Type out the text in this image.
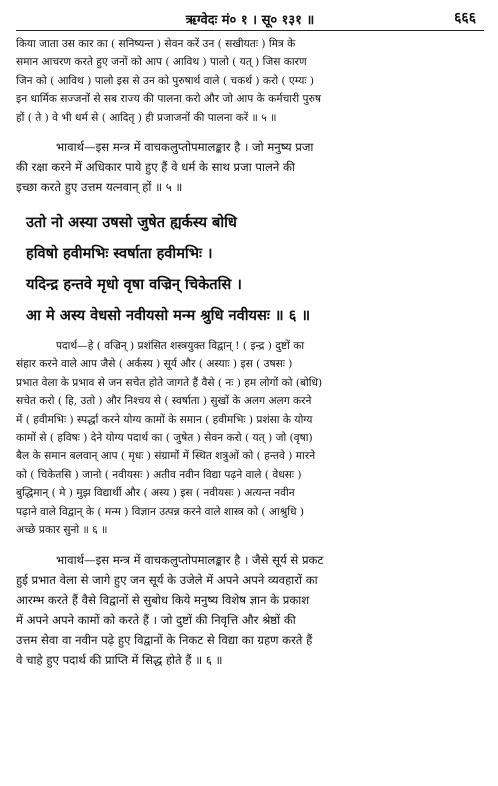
ऋग्वेदः मं० १ । सू० १३१ ॥	६६६

किया जाता उस कार का ( सनिष्यन्त ) सेवन करें उन ( सखीयतः ) मित्र के

समान आचरण करते हुए जनों को आप ( आविथ ) पालो ( यत् ) जिस कारण

जिन को ( आविथ ) पालो इस से उन को पुरुषार्थ वाले ( चकर्थ ) करो ( एम्यः )

इन धार्मिक सज्जनों से सब राज्य की पालना करो और जो आप के कर्मचारी पुरुष

हों ( ते ) वे भी धर्म से ( आदितृ ) ही प्रजाजनों की पालना करें ॥ ५ ॥

भावार्थ—इस मन्त्र में वाचकलुप्तोपमालङ्कार है । जो मनुष्य प्रजा

की रक्षा करने में अधिकार पाये हुए हैं वे धर्म के साथ प्रजा पालने की

इच्छा करते हुए उत्तम यत्नवान् हों ॥ ५ ॥

उतो नो अस्या उषसो जुषेत ह्यर्कस्य बोधि
हविषो हवीमभिः स्वर्षाता हवीमभिः ।
यदिन्द्र हन्तवे मृधो वृषा वज्रिन् चिकेतसि ।
आ मे अस्य वेधसो नवीयसो मन्म श्रुधि नवीयसः ॥ ६ ॥

पदार्थ—हे ( वज्रिन् ) प्रशंसित शस्त्रयुक्त विद्वान् ! ( इन्द्र ) दुष्टों का

संहार करने वाले आप जैसे ( अर्कस्य ) सूर्य और ( अस्याः ) इस ( उषसः )

प्रभात वेला के प्रभाव से जन सचेत होते जागते हैं वैसे ( नः ) हम लोगों को (बोधि)

सचेत करो ( हि, उतो ) और निश्चय से ( स्वर्षाता ) सुखों के अलग अलग करने

में ( हवीमभिः ) स्पर्द्धा करने योग्य कामों के समान ( हवीमभिः ) प्रशंसा के योग्य

कामों से ( हविषः ) देने योग्य पदार्थ का ( जुषेत ) सेवन करो ( यत् ) जो (वृषा)

बैल के समान बलवान् आप ( मृधः ) संग्रामों में स्थित शत्रुओं को ( हन्तवे ) मारने

को ( चिकेतसि ) जानो ( नवीयसः ) अतीव नवीन विद्या पढ़ने वाले ( वेधसः )

बुद्धिमान् ( मे ) मुझ विद्यार्थी और ( अस्य ) इस ( नवीयसः ) अत्यन्त नवीन

पढ़ाने वाले विद्वान् के ( मन्म ) विज्ञान उत्पन्न करने वाले शास्त्र को ( आश्रुधि )

अच्छे प्रकार सुनो ॥ ६ ॥

भावार्थ—इस मन्त्र में वाचकलुप्तोपमालङ्कार है । जैसे सूर्य से प्रकट

हुई प्रभात वेला से जागे हुए जन सूर्य के उजेले में अपने अपने व्यवहारों का

आरम्भ करते हैं वैसे विद्वानों से सुबोध किये मनुष्य विशेष ज्ञान के प्रकाश

में अपने अपने कामों को करते हैं । जो दुष्टों की निवृत्ति और श्रेष्ठों की

उत्तम सेवा वा नवीन पढ़े हुए विद्वानों के निकट से विद्या का ग्रहण करते हैं

वे चाहे हुए पदार्थ की प्राप्ति में सिद्ध होते हैं ॥ ६ ॥
